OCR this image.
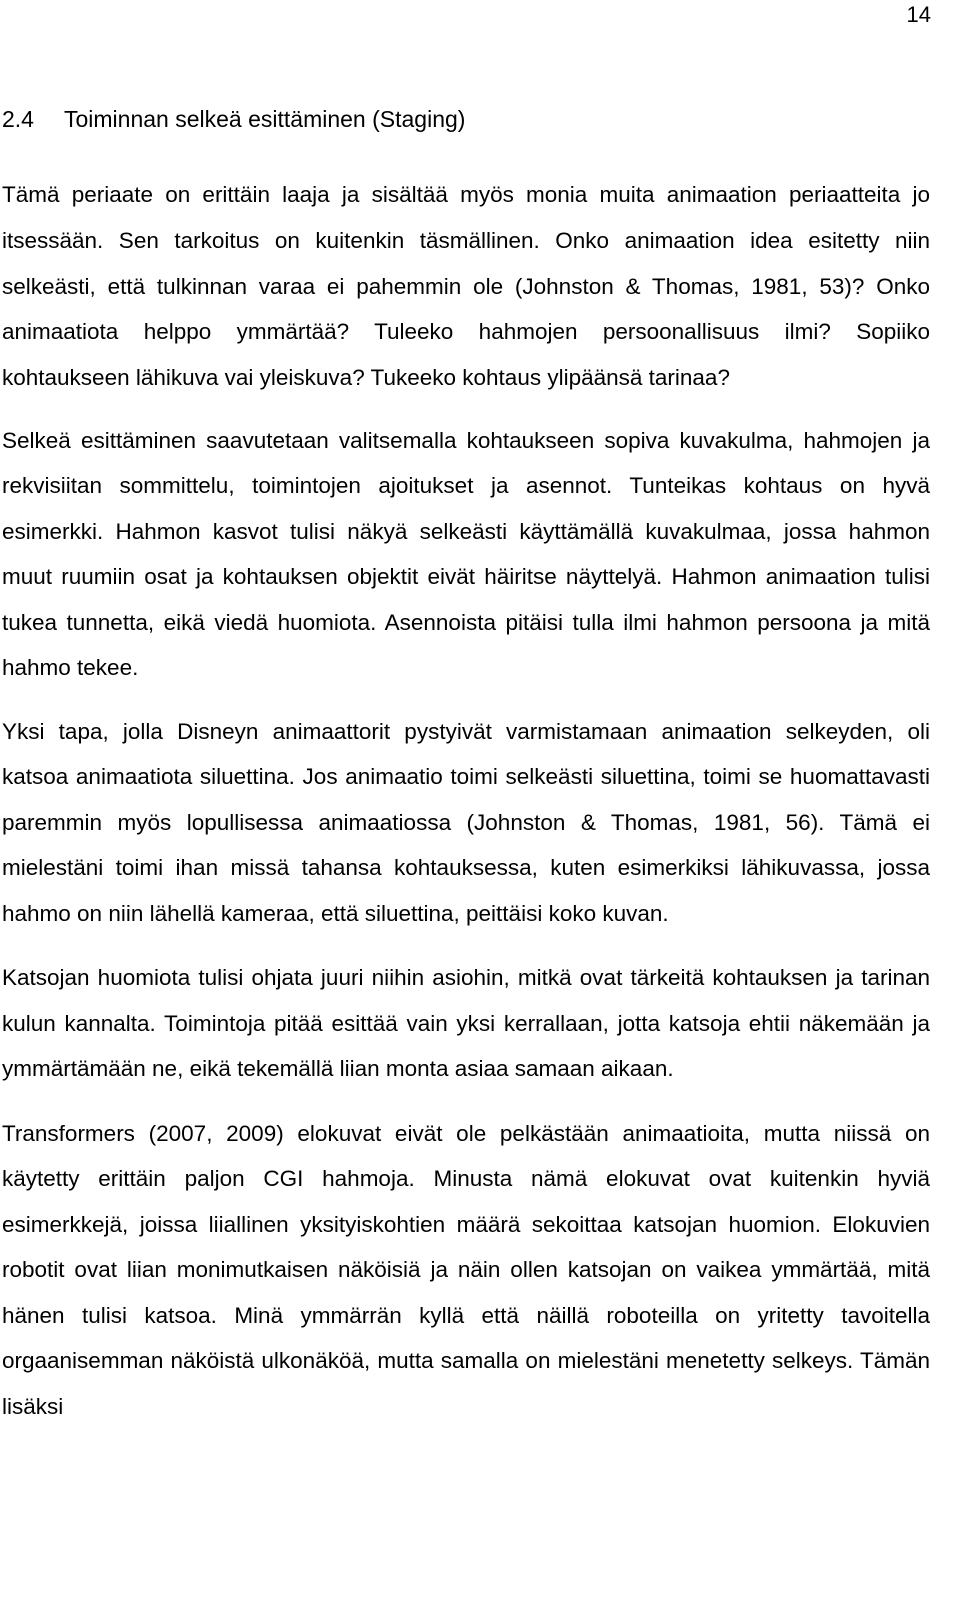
14
2.4	Toiminnan selkeä esittäminen (Staging)

Tämä periaate on erittäin laaja ja sisältää myös monia muita animaation periaatteita jo itsessään. Sen tarkoitus on kuitenkin täsmällinen. Onko animaation idea esitetty niin selkeästi, että tulkinnan varaa ei pahemmin ole (Johnston & Thomas, 1981, 53)? Onko animaatiota helppo ymmärtää? Tuleeko hahmojen persoonallisuus ilmi? Sopiiko kohtaukseen lähikuva vai yleiskuva? Tukeeko kohtaus ylipäänsä tarinaa?

Selkeä esittäminen saavutetaan valitsemalla kohtaukseen sopiva kuvakulma, hahmojen ja rekvisiitan sommittelu, toimintojen ajoitukset ja asennot. Tunteikas kohtaus on hyvä esimerkki. Hahmon kasvot tulisi näkyä selkeästi käyttämällä kuvakulmaa, jossa hahmon muut ruumiin osat ja kohtauksen objektit eivät häiritse näyttelyä. Hahmon animaation tulisi tukea tunnetta, eikä viedä huomiota. Asennoista pitäisi tulla ilmi hahmon persoona ja mitä hahmo tekee.

Yksi tapa, jolla Disneyn animaattorit pystyivät varmistamaan animaation selkeyden, oli katsoa animaatiota siluettina. Jos animaatio toimi selkeästi siluettina, toimi se huomattavasti paremmin myös lopullisessa animaatiossa (Johnston & Thomas, 1981, 56). Tämä ei mielestäni toimi ihan missä tahansa kohtauksessa, kuten esimerkiksi lähikuvassa, jossa hahmo on niin lähellä kameraa, että siluettina, peittäisi koko kuvan.

Katsojan huomiota tulisi ohjata juuri niihin asiohin, mitkä ovat tärkeitä kohtauksen ja tarinan kulun kannalta. Toimintoja pitää esittää vain yksi kerrallaan, jotta katsoja ehtii näkemään ja ymmärtämään ne, eikä tekemällä liian monta asiaa samaan aikaan.

Transformers (2007, 2009) elokuvat eivät ole pelkästään animaatioita, mutta niissä on käytetty erittäin paljon CGI hahmoja. Minusta nämä elokuvat ovat kuitenkin hyviä esimerkkejä, joissa liiallinen yksityiskohtien määrä sekoittaa katsojan huomion. Elokuvien robotit ovat liian monimutkaisen näköisiä ja näin ollen katsojan on vaikea ymmärtää, mitä hänen tulisi katsoa. Minä ymmärrän kyllä että näillä roboteilla on yritetty tavoitella orgaanisemman näköistä ulkonäköä, mutta samalla on mielestäni menetetty selkeys. Tämän lisäksi
